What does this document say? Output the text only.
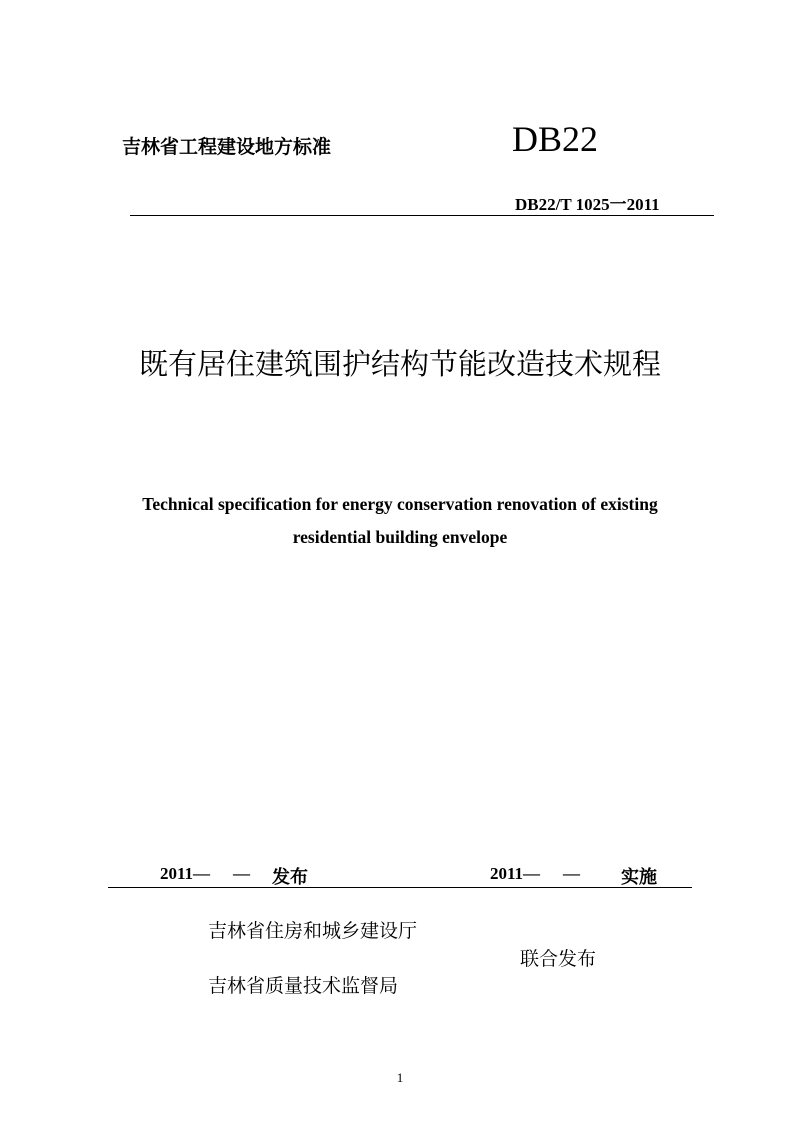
吉林省工程建设地方标准	DB22
DB22/T 1025一2011
既有居住建筑围护结构节能改造技术规程
Technical specification for energy conservation renovation of existing
residential building envelope
2011— — 发布	2011— — 实施
吉林省住房和城乡建设厅
吉林省质量技术监督局
联合发布
1
